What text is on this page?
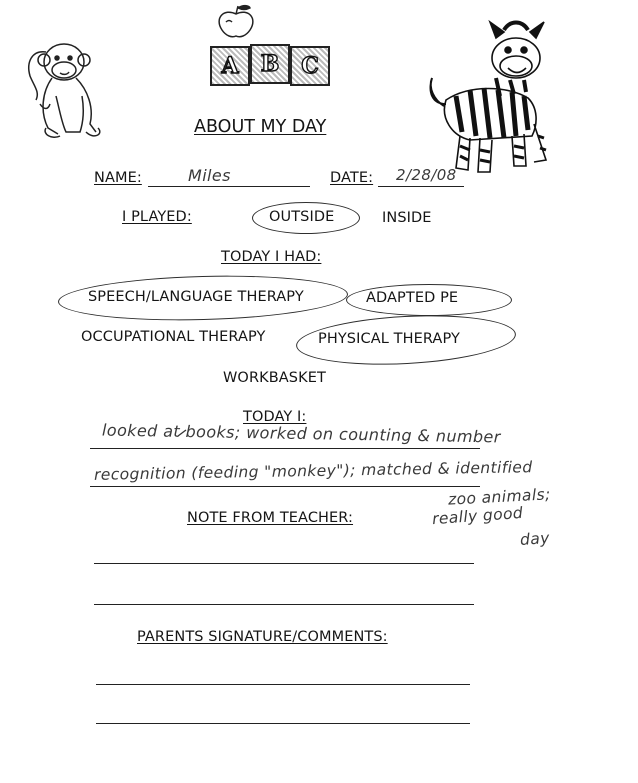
A B C
ABOUT MY DAY
NAME:	Miles	DATE: 2/28/08
I PLAYED:	OUTSIDE	INSIDE
TODAY I HAD:
SPEECH/LANGUAGE THERAPY	ADAPTED PE
OCCUPATIONAL THERAPY	PHYSICAL THERAPY
WORKBASKET
TODAY I:
looked at books; worked on counting & number
recognition (feeding "monkey"); matched & identified
zoo animals;
really good
day
NOTE FROM TEACHER:
PARENTS SIGNATURE/COMMENTS:
